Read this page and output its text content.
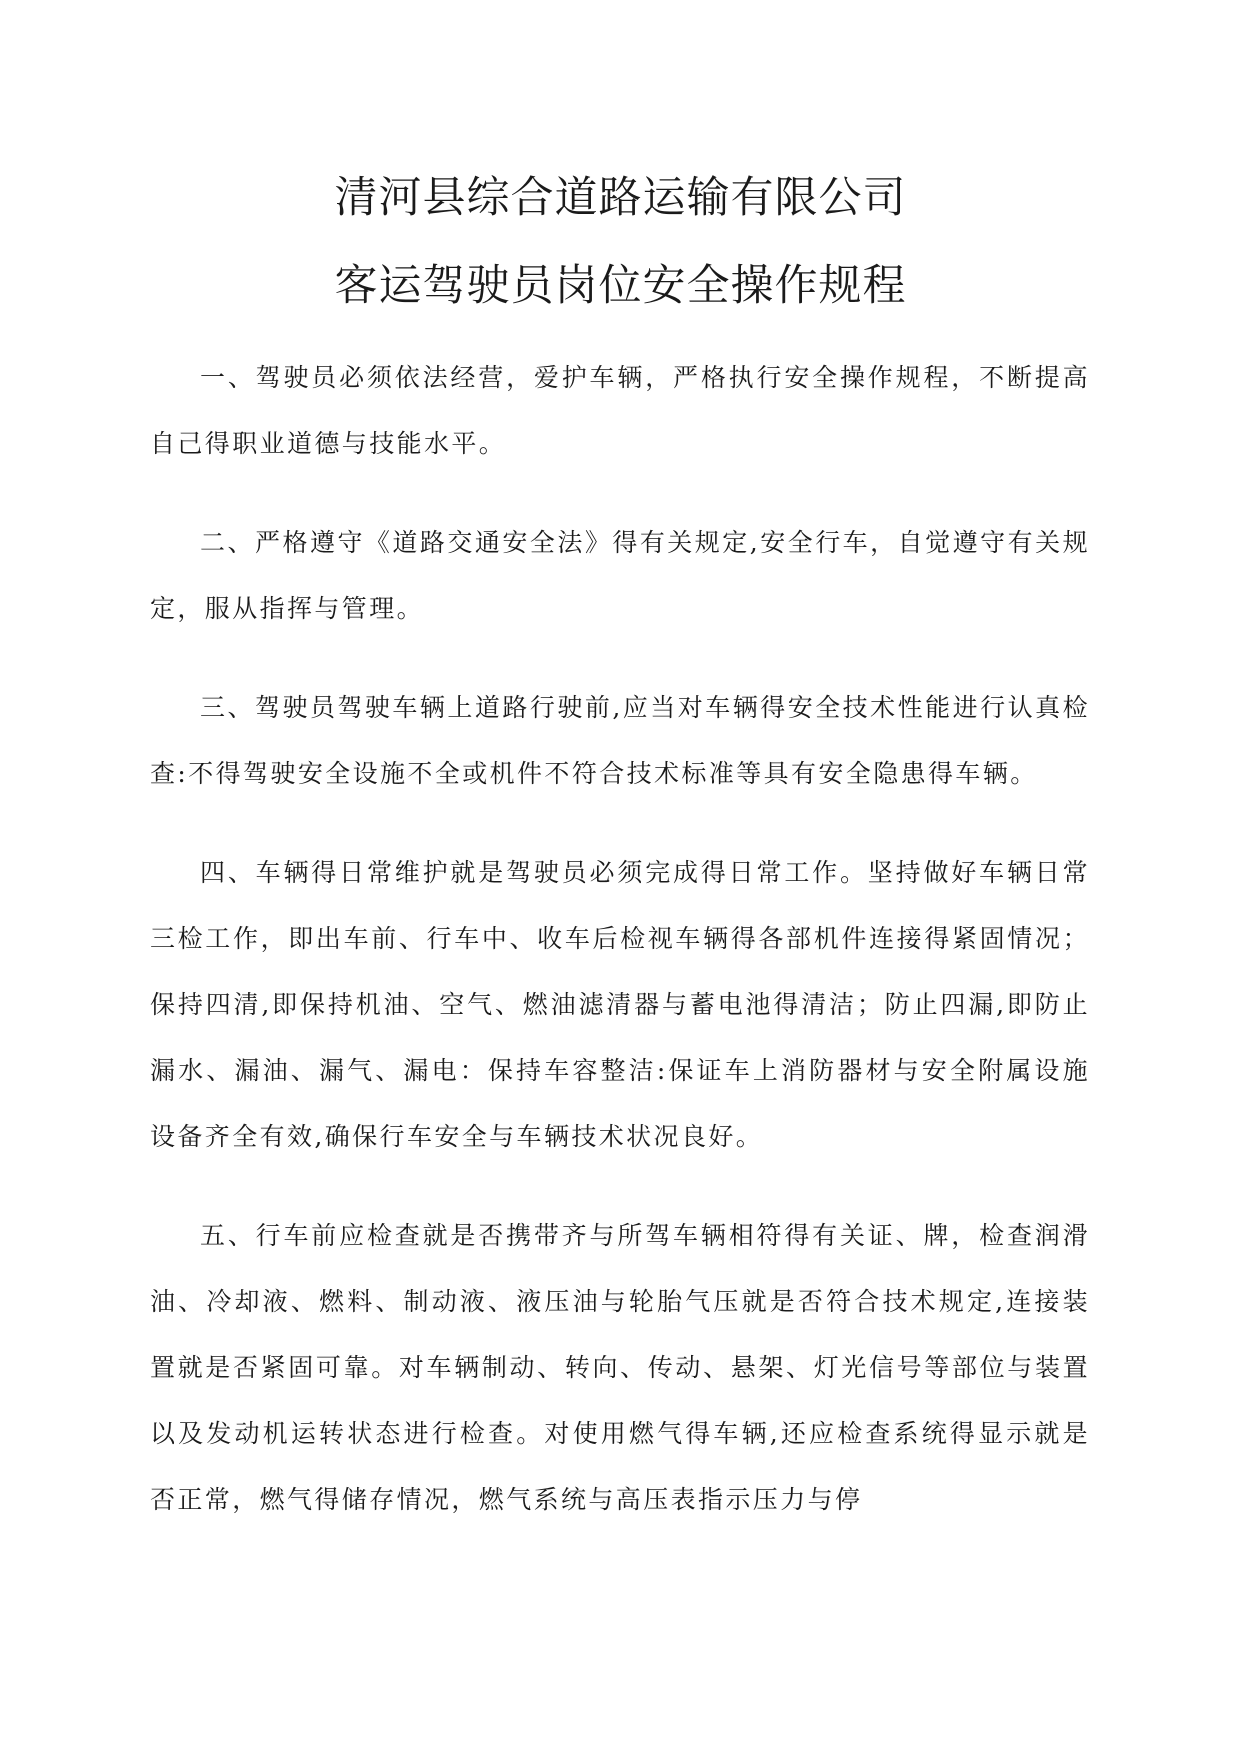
清河县综合道路运输有限公司
客运驾驶员岗位安全操作规程

一、驾驶员必须依法经营，爱护车辆，严格执行安全操作规程，不断提高自己得职业道德与技能水平。

二、严格遵守《道路交通安全法》得有关规定,安全行车，自觉遵守有关规定，服从指挥与管理。

三、驾驶员驾驶车辆上道路行驶前,应当对车辆得安全技术性能进行认真检查:不得驾驶安全设施不全或机件不符合技术标准等具有安全隐患得车辆。

四、车辆得日常维护就是驾驶员必须完成得日常工作。坚持做好车辆日常三检工作，即出车前、行车中、收车后检视车辆得各部机件连接得紧固情况；保持四清,即保持机油、空气、燃油滤清器与蓄电池得清洁；防止四漏,即防止漏水、漏油、漏气、漏电：保持车容整洁:保证车上消防器材与安全附属设施设备齐全有效,确保行车安全与车辆技术状况良好。

五、行车前应检查就是否携带齐与所驾车辆相符得有关证、牌，检查润滑油、冷却液、燃料、制动液、液压油与轮胎气压就是否符合技术规定,连接装置就是否紧固可靠。对车辆制动、转向、传动、悬架、灯光信号等部位与装置以及发动机运转状态进行检查。对使用燃气得车辆,还应检查系统得显示就是否正常，燃气得储存情况，燃气系统与高压表指示压力与停
